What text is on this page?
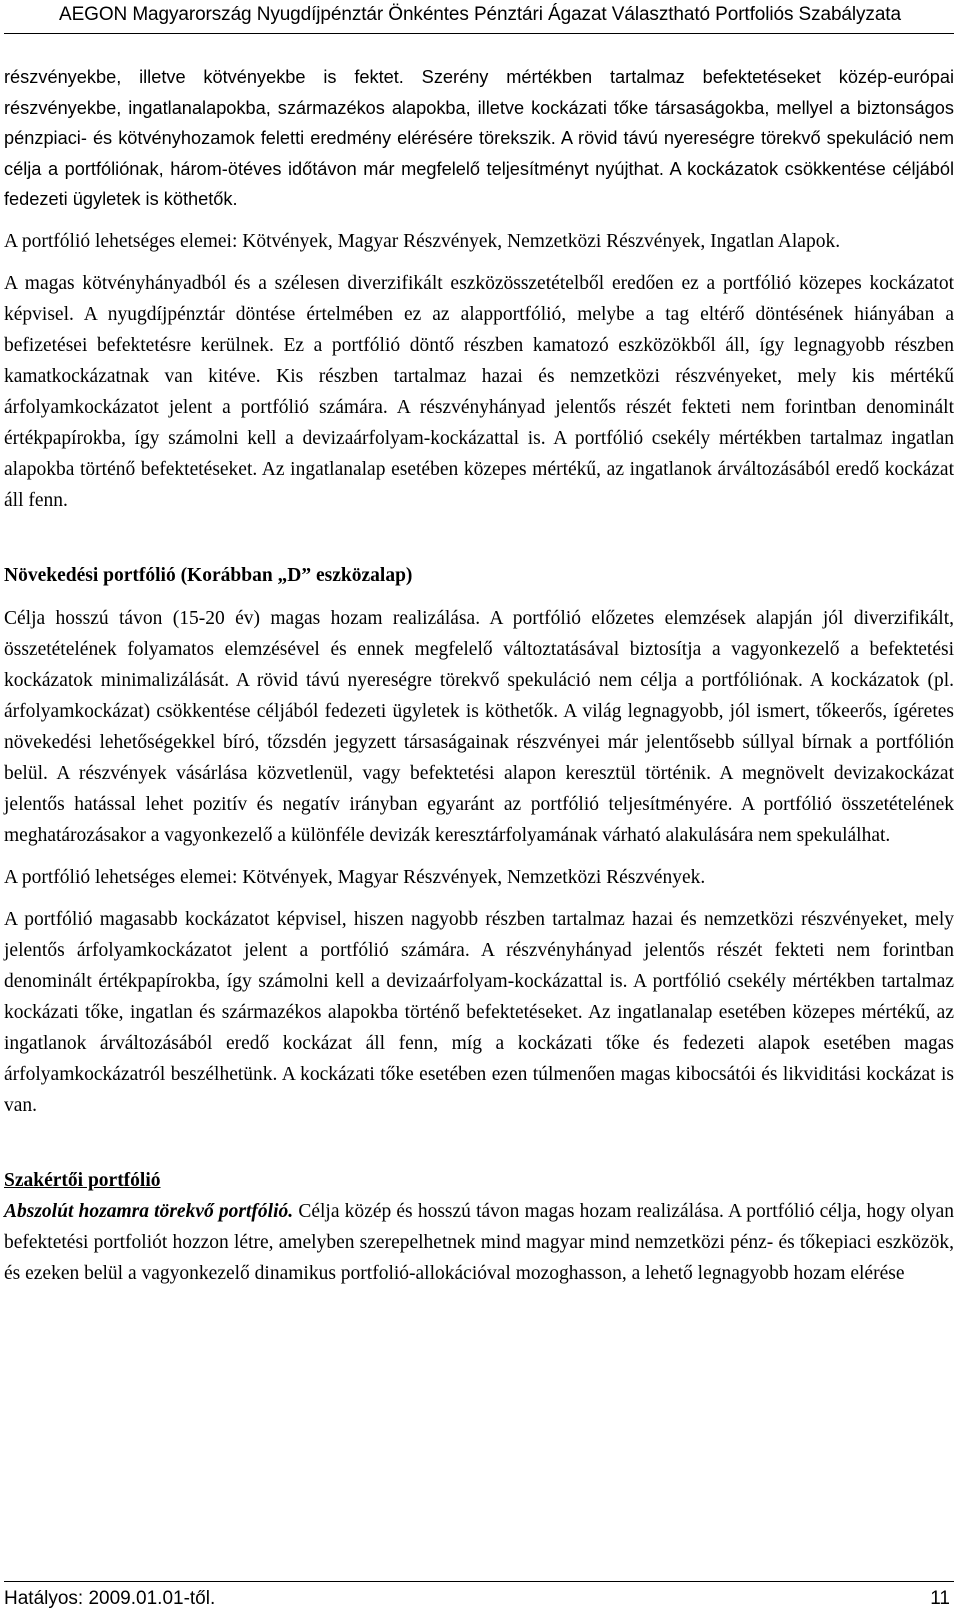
AEGON Magyarország Nyugdíjpénztár Önkéntes Pénztári Ágazat Választható Portfoliós Szabályzata

részvényekbe, illetve kötvényekbe is fektet. Szerény mértékben tartalmaz befektetéseket közép-európai részvényekbe, ingatlanalapokba, származékos alapokba, illetve kockázati tőke társaságokba, mellyel a biztonságos pénzpiaci- és kötvényhozamok feletti eredmény elérésére törekszik. A rövid távú nyereségre törekvő spekuláció nem célja a portfóliónak, három-ötéves időtávon már megfelelő teljesítményt nyújthat. A kockázatok csökkentése céljából fedezeti ügyletek is köthetők.

A portfólió lehetséges elemei: Kötvények, Magyar Részvények, Nemzetközi Részvények, Ingatlan Alapok.

A magas kötvényhányadból és a szélesen diverzifikált eszközösszetételből eredően ez a portfólió közepes kockázatot képvisel. A nyugdíjpénztár döntése értelmében ez az alapportfólió, melybe a tag eltérő döntésének hiányában a befizetései befektetésre kerülnek. Ez a portfólió döntő részben kamatozó eszközökből áll, így legnagyobb részben kamatkockázatnak van kitéve. Kis részben tartalmaz hazai és nemzetközi részvényeket, mely kis mértékű árfolyamkockázatot jelent a portfólió számára. A részvényhányad jelentős részét fekteti nem forintban denominált értékpapírokba, így számolni kell a devizaárfolyam-kockázattal is. A portfólió csekély mértékben tartalmaz ingatlan alapokba történő befektetéseket. Az ingatlanalap esetében közepes mértékű, az ingatlanok árváltozásából eredő kockázat áll fenn.

Növekedési portfólió (Korábban „D” eszközalap)

Célja hosszú távon (15-20 év) magas hozam realizálása. A portfólió előzetes elemzések alapján jól diverzifikált, összetételének folyamatos elemzésével és ennek megfelelő változtatásával biztosítja a vagyonkezelő a befektetési kockázatok minimalizálását. A rövid távú nyereségre törekvő spekuláció nem célja a portfóliónak. A kockázatok (pl. árfolyamkockázat) csökkentése céljából fedezeti ügyletek is köthetők. A világ legnagyobb, jól ismert, tőkeerős, ígéretes növekedési lehetőségekkel bíró, tőzsdén jegyzett társaságainak részvényei már jelentősebb súllyal bírnak a portfólión belül. A részvények vásárlása közvetlenül, vagy befektetési alapon keresztül történik. A megnövelt devizakockázat jelentős hatással lehet pozitív és negatív irányban egyaránt az portfólió teljesítményére. A portfólió összetételének meghatározásakor a vagyonkezelő a különféle devizák keresztárfolyamának várható alakulására nem spekulálhat.

A portfólió lehetséges elemei: Kötvények, Magyar Részvények, Nemzetközi Részvények.

A portfólió magasabb kockázatot képvisel, hiszen nagyobb részben tartalmaz hazai és nemzetközi részvényeket, mely jelentős árfolyamkockázatot jelent a portfólió számára. A részvényhányad jelentős részét fekteti nem forintban denominált értékpapírokba, így számolni kell a devizaárfolyam-kockázattal is. A portfólió csekély mértékben tartalmaz kockázati tőke, ingatlan és származékos alapokba történő befektetéseket. Az ingatlanalap esetében közepes mértékű, az ingatlanok árváltozásából eredő kockázat áll fenn, míg a kockázati tőke és fedezeti alapok esetében magas árfolyamkockázatról beszélhetünk. A kockázati tőke esetében ezen túlmenően magas kibocsátói és likviditási kockázat is van.

Szakértői portfólió

Abszolút hozamra törekvő portfólió. Célja közép és hosszú távon magas hozam realizálása. A portfólió célja, hogy olyan befektetési portfoliót hozzon létre, amelyben szerepelhetnek mind magyar mind nemzetközi pénz- és tőkepiaci eszközök, és ezeken belül a vagyonkezelő dinamikus portfolió-allokációval mozoghasson, a lehető legnagyobb hozam elérése

Hatályos: 2009.01.01-től.	11
